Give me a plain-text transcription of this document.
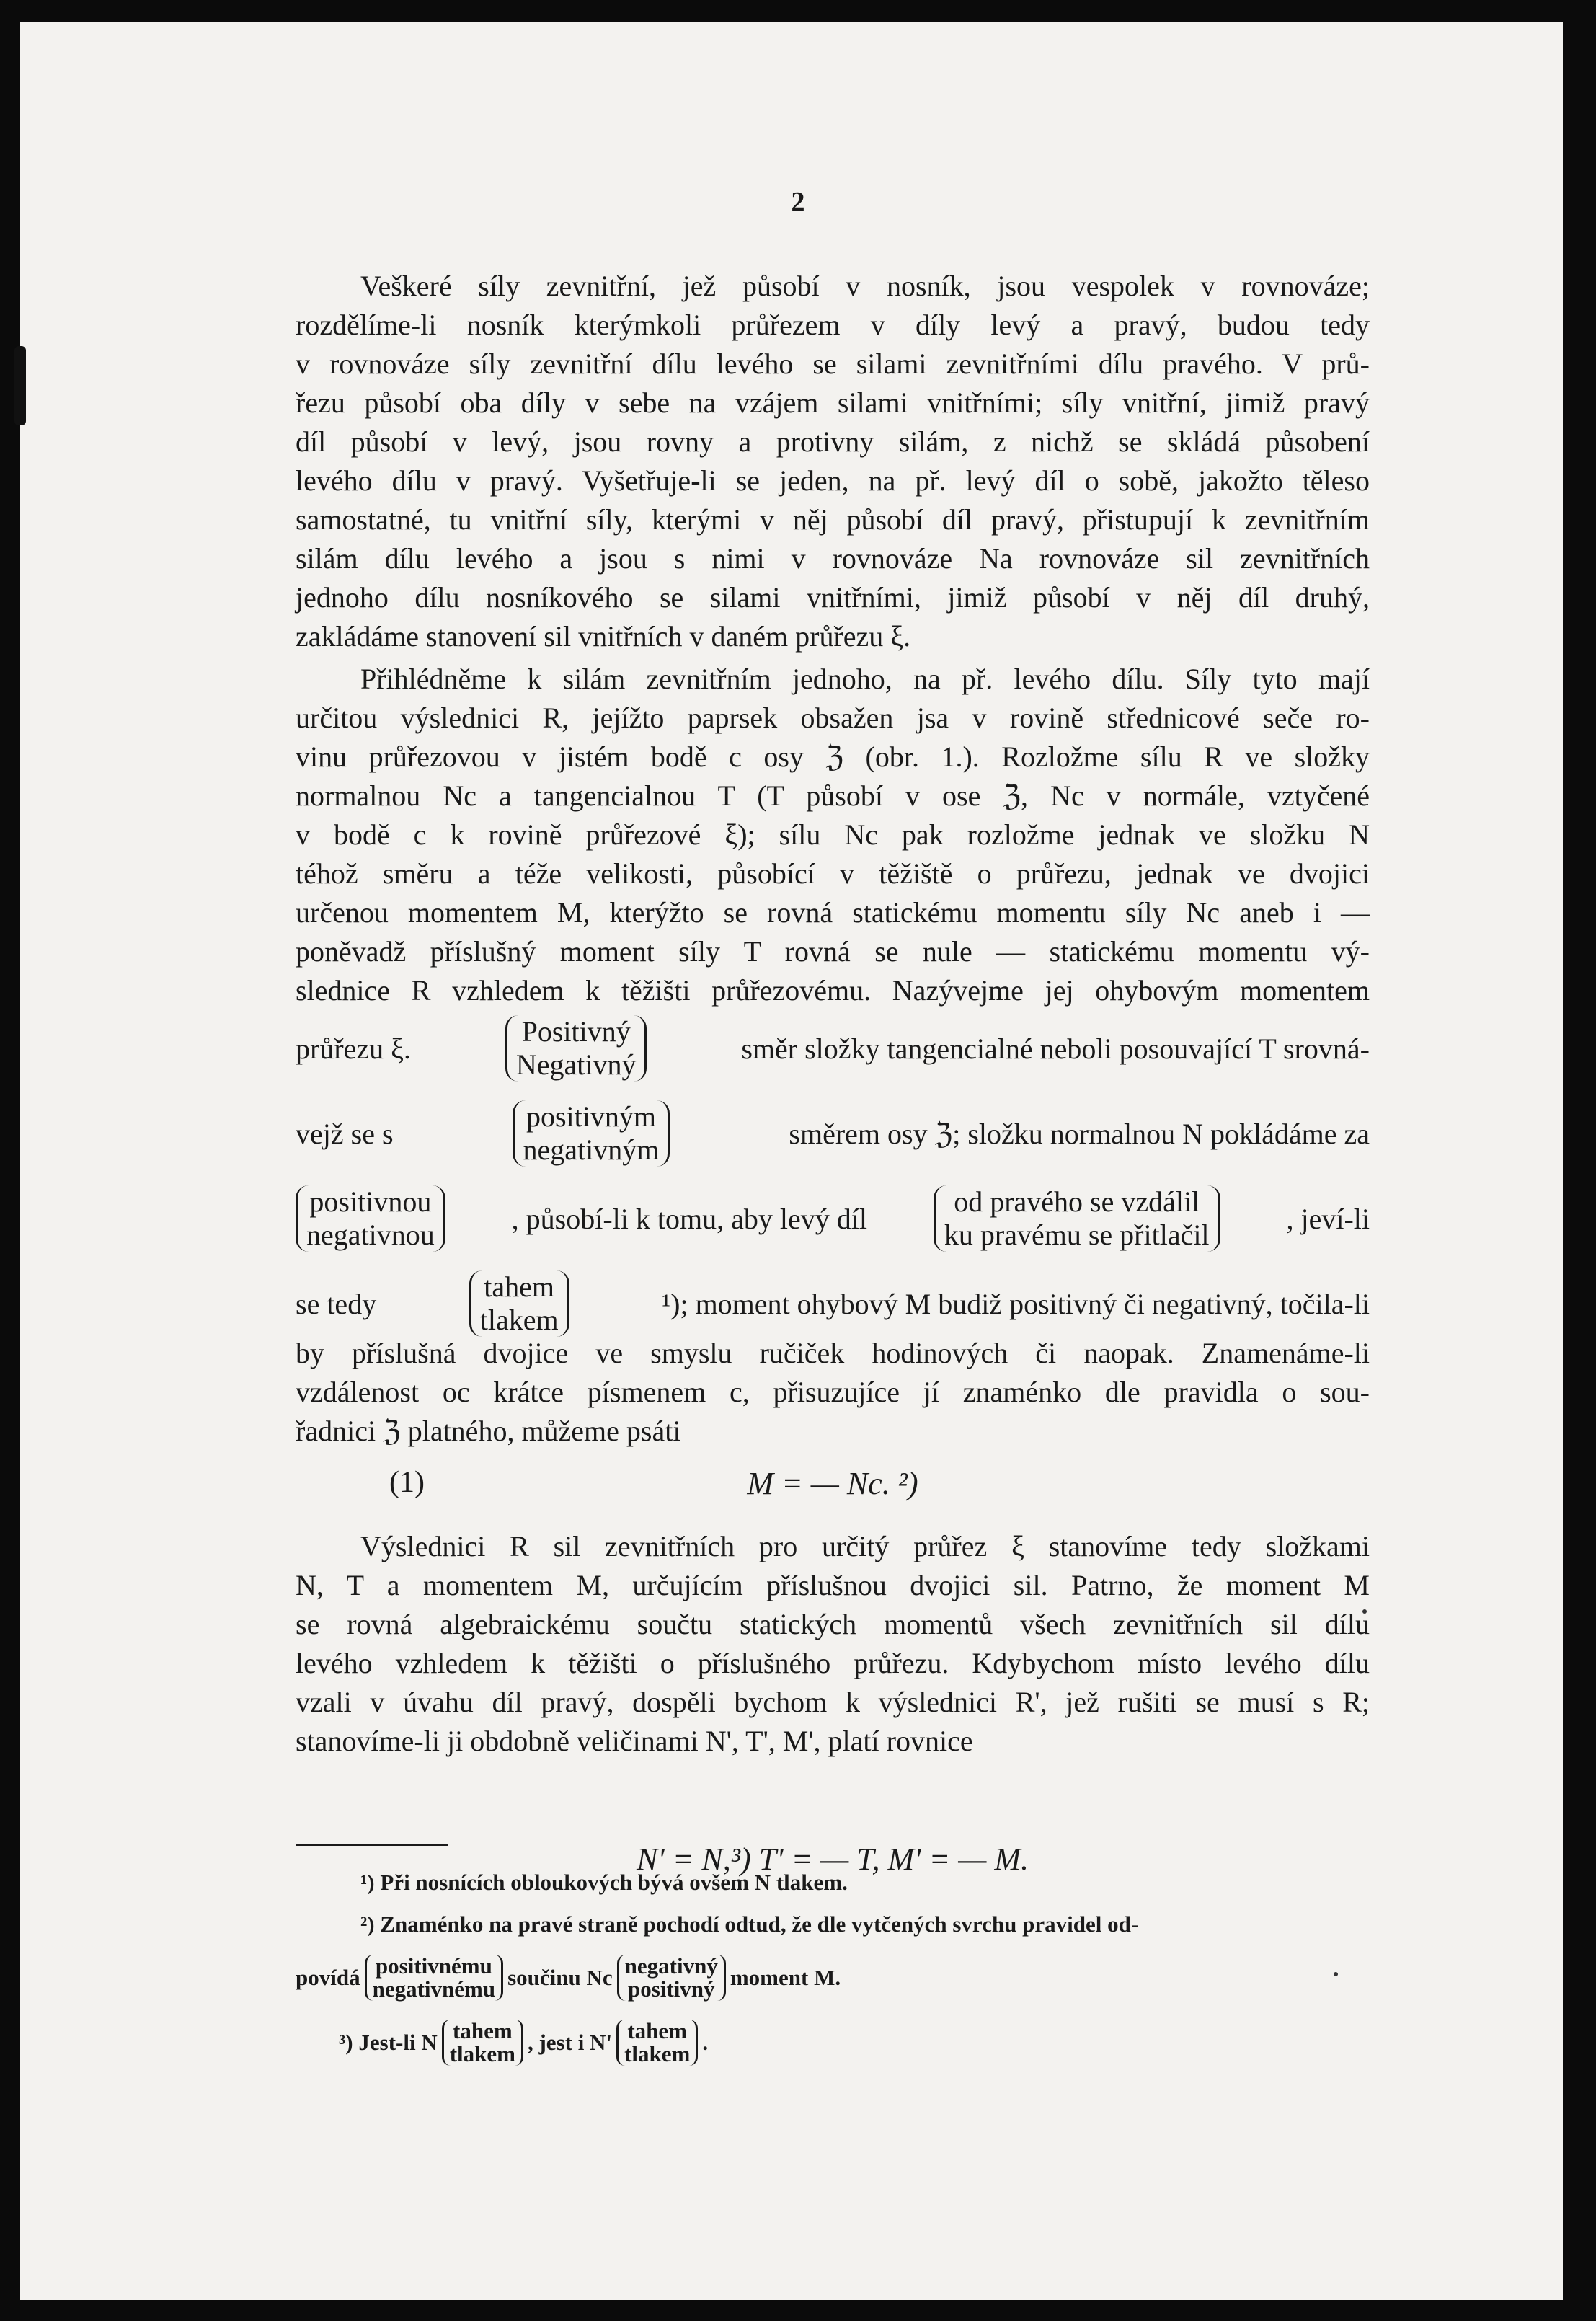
2
Veškeré síly zevnitřní, jež působí v nosník, jsou vespolek v rovnováze;
rozdělíme-li nosník kterýmkoli průřezem v díly levý a pravý, budou tedy
v rovnováze síly zevnitřní dílu levého se silami zevnitřními dílu pravého. V prů-
řezu působí oba díly v sebe na vzájem silami vnitřními; síly vnitřní, jimiž pravý
díl působí v levý, jsou rovny a protivny silám, z nichž se skládá působení
levého dílu v pravý. Vyšetřuje-li se jeden, na př. levý díl o sobě, jakožto těleso
samostatné, tu vnitřní síly, kterými v něj působí díl pravý, přistupují k zevnitřním
silám dílu levého a jsou s nimi v rovnováze Na rovnováze sil zevnitřních
jednoho dílu nosníkového se silami vnitřními, jimiž působí v něj díl druhý,
zakládáme stanovení sil vnitřních v daném průřezu ξ.
Přihlédněme k silám zevnitřním jednoho, na př. levého dílu. Síly tyto mají
určitou výslednici R, jejížto paprsek obsažen jsa v rovině střednicové seče ro-
vinu průřezovou v jistém bodě c osy ℨ (obr. 1.). Rozložme sílu R ve složky
normalnou Nc a tangencialnou T (T působí v ose ℨ, Nc v normále, vztyčené
v bodě c k rovině průřezové ξ); sílu Nc pak rozložme jednak ve složku N
téhož směru a téže velikosti, působící v těžiště o průřezu, jednak ve dvojici
určenou momentem M, kterýžto se rovná statickému momentu síly Nc aneb i —
poněvadž příslušný moment síly T rovná se nule — statickému momentu vý-
slednice R vzhledem k těžišti průřezovému. Nazývejme jej ohybovým momentem
průřezu ξ.
Positivný
Negativný	směr složky tangencialné neboli posouvající T srovná-
vejž se s
positivným
negativným	směrem osy ℨ; složku normalnou N pokládáme za
positivnou
negativnou	, působí-li k tomu, aby levý díl
od pravého se vzdálil
ku pravému se přitlačil	, jeví-li
se tedy
tahem
tlakem	¹); moment ohybový M budiž positivný či negativný, točila-li
by příslušná dvojice ve smyslu ručiček hodinových či naopak. Znamenáme-li
vzdálenost oc krátce písmenem c, přisuzujíce jí znaménko dle pravidla o sou-
řadnici ℨ platného, můžeme psáti
(1)	M = — Nc. ²)
Výslednici R sil zevnitřních pro určitý průřez ξ stanovíme tedy složkami
N, T a momentem M, určujícím příslušnou dvojici sil. Patrno, že moment M
se rovná algebraickému součtu statických momentů všech zevnitřních sil dílu
levého vzhledem k těžišti o příslušného průřezu. Kdybychom místo levého dílu
vzali v úvahu díl pravý, dospěli bychom k výslednici R', jež rušiti se musí s R;
stanovíme-li ji obdobně veličinami N', T', M', platí rovnice
N' = N,³) T' = — T, M' = — M.
¹) Při nosnících obloukových bývá ovšem N tlakem.
²) Znaménko na pravé straně pochodí odtud, že dle vytčených svrchu pravidel od-
povídá positivnému
negativnému součinu Nc negativný
positivný moment M.
³) Jest-li N tahem
tlakem , jest i N' tahem
tlakem .
